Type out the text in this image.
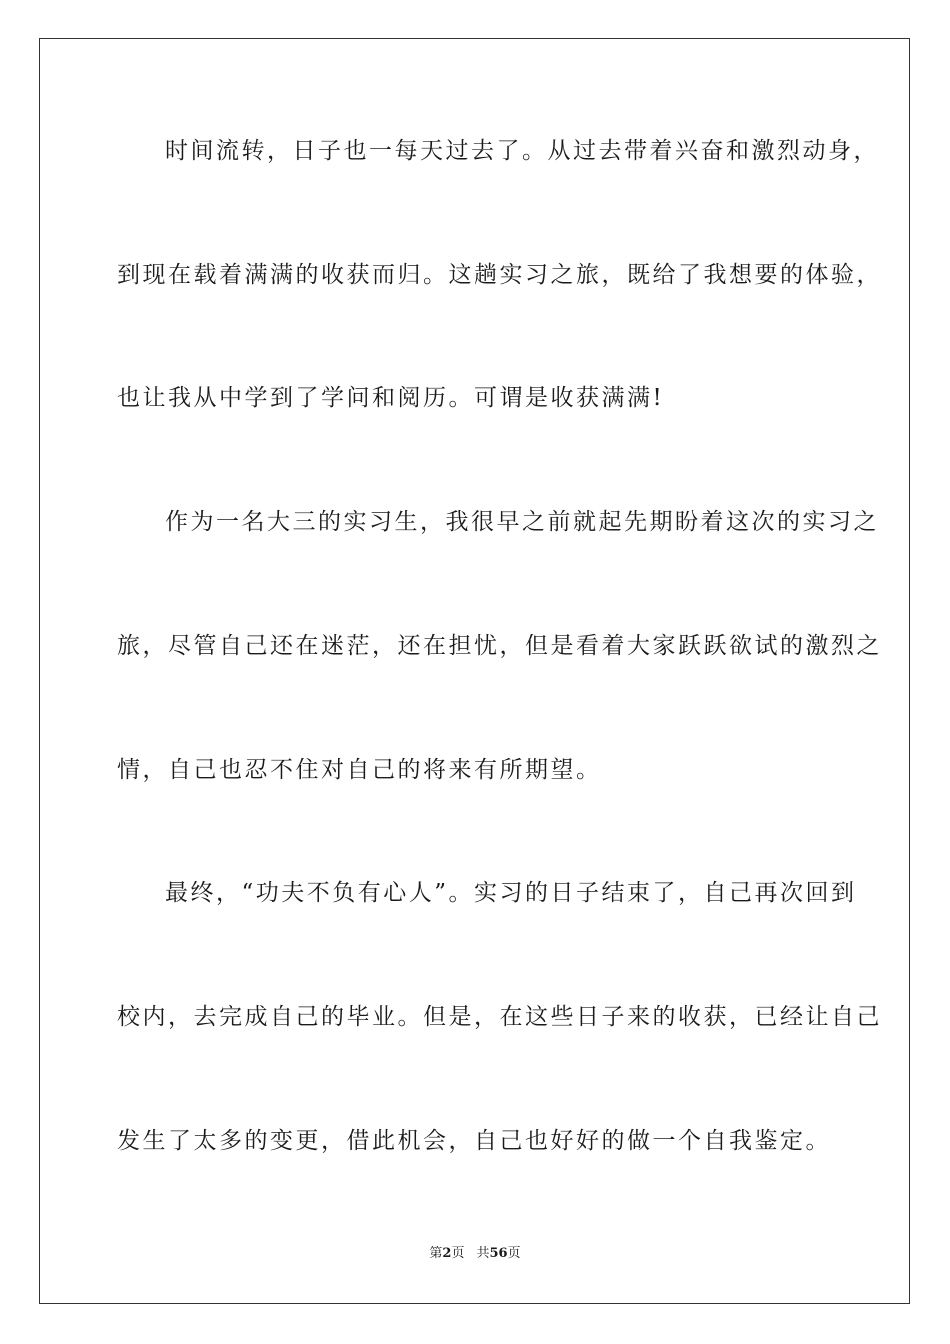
时间流转，日子也一每天过去了。从过去带着兴奋和激烈动身，
到现在载着满满的收获而归。这趟实习之旅，既给了我想要的体验，
也让我从中学到了学问和阅历。可谓是收获满满!
作为一名大三的实习生，我很早之前就起先期盼着这次的实习之
旅，尽管自己还在迷茫，还在担忧，但是看着大家跃跃欲试的激烈之
情，自己也忍不住对自己的将来有所期望。
最终，“功夫不负有心人”。实习的日子结束了，自己再次回到
校内，去完成自己的毕业。但是，在这些日子来的收获，已经让自己
发生了太多的变更，借此机会，自己也好好的做一个自我鉴定。
第2页 共56页
